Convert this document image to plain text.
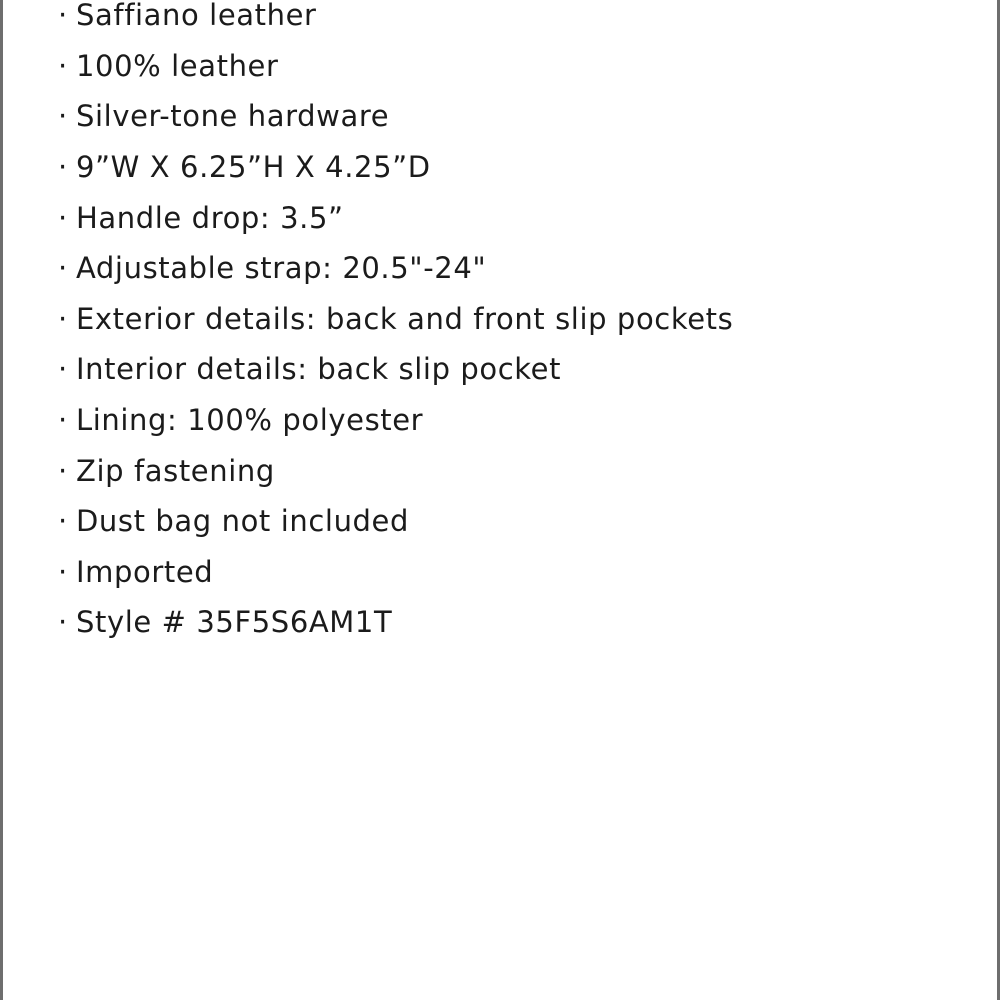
· Saffiano leather
· 100% leather
· Silver-tone hardware
· 9”W X 6.25”H X 4.25”D
· Handle drop: 3.5”
· Adjustable strap: 20.5"-24"
· Exterior details: back and front slip pockets
· Interior details: back slip pocket
· Lining: 100% polyester
· Zip fastening
· Dust bag not included
· Imported
· Style # 35F5S6AM1T
